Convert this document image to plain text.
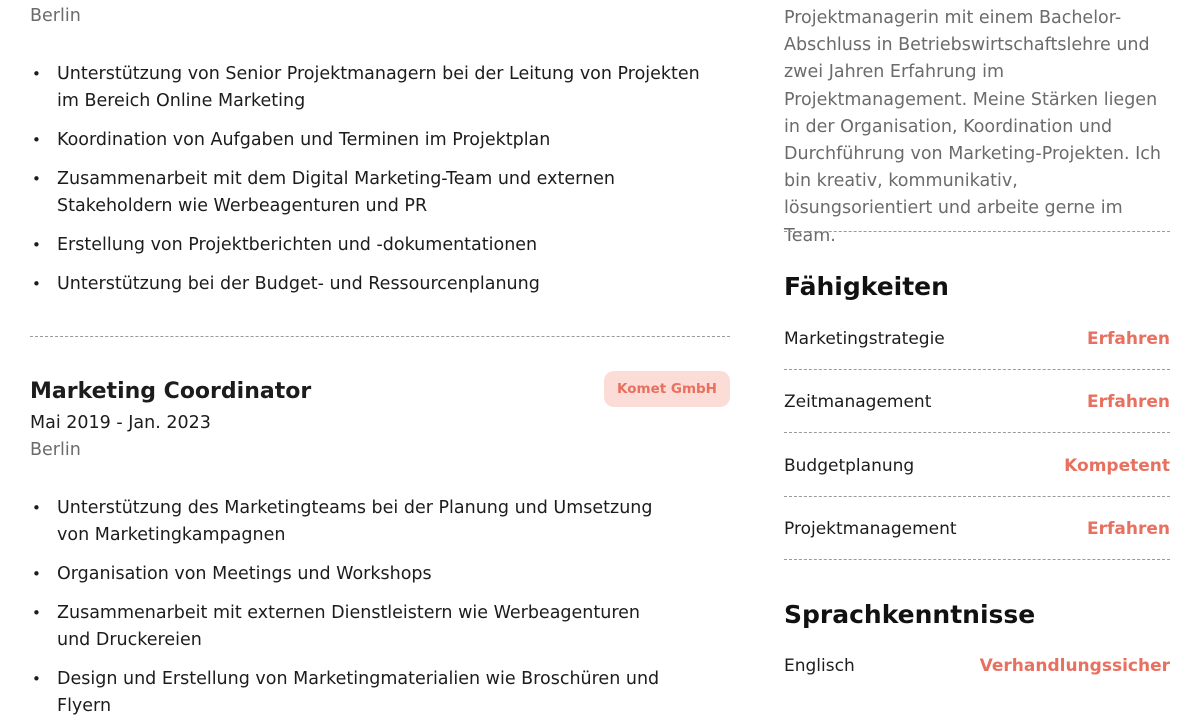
Berlin
• Unterstützung von Senior Projektmanagern bei der Leitung von Projekten im Bereich Online Marketing
• Koordination von Aufgaben und Terminen im Projektplan
• Zusammenarbeit mit dem Digital Marketing-Team und externen Stakeholdern wie Werbeagenturen und PR
• Erstellung von Projektberichten und -dokumentationen
• Unterstützung bei der Budget- und Ressourcenplanung
Marketing Coordinator	Komet GmbH
Mai 2019 - Jan. 2023
Berlin
• Unterstützung des Marketingteams bei der Planung und Umsetzung von Marketingkampagnen
• Organisation von Meetings und Workshops
• Zusammenarbeit mit externen Dienstleistern wie Werbeagenturen und Druckereien
• Design und Erstellung von Marketingmaterialien wie Broschüren und Flyern
Projektmanagerin mit einem Bachelor-Abschluss in Betriebswirtschaftslehre und zwei Jahren Erfahrung im Projektmanagement. Meine Stärken liegen in der Organisation, Koordination und Durchführung von Marketing-Projekten. Ich bin kreativ, kommunikativ, lösungsorientiert und arbeite gerne im Team.
Fähigkeiten
Marketingstrategie	Erfahren
Zeitmanagement	Erfahren
Budgetplanung	Kompetent
Projektmanagement	Erfahren
Sprachkenntnisse
Englisch	Verhandlungssicher
